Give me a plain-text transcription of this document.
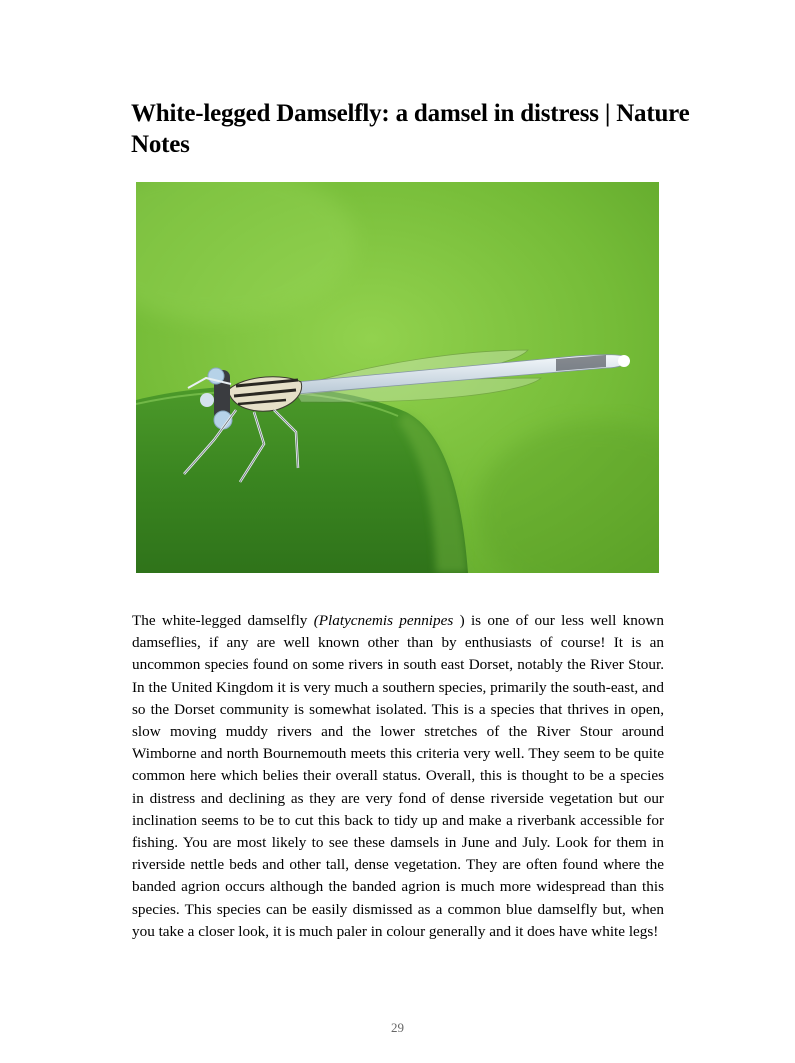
White-legged Damselfly: a damsel in distress | Nature Notes

The white-legged damselfly (Platycnemis pennipes ) is one of our less well known damseflies, if any are well known other than by enthusiasts of course! It is an uncommon species found on some rivers in south east Dorset, notably the River Stour. In the United Kingdom it is very much a southern species, primarily the south-east, and so the Dorset community is somewhat isolated. This is a species that thrives in open, slow moving muddy rivers and the lower stretches of the River Stour around Wimborne and north Bournemouth meets this criteria very well. They seem to be quite common here which belies their overall status. Overall, this is thought to be a species in distress and declining as they are very fond of dense riverside vegetation but our inclination seems to be to cut this back to tidy up and make a riverbank accessible for fishing. You are most likely to see these damsels in June and July. Look for them in riverside nettle beds and other tall, dense vegetation. They are often found where the banded agrion occurs although the banded agrion is much more widespread than this species. This species can be easily dismissed as a common blue damselfly but, when you take a closer look, it is much paler in colour generally and it does have white legs!

29
